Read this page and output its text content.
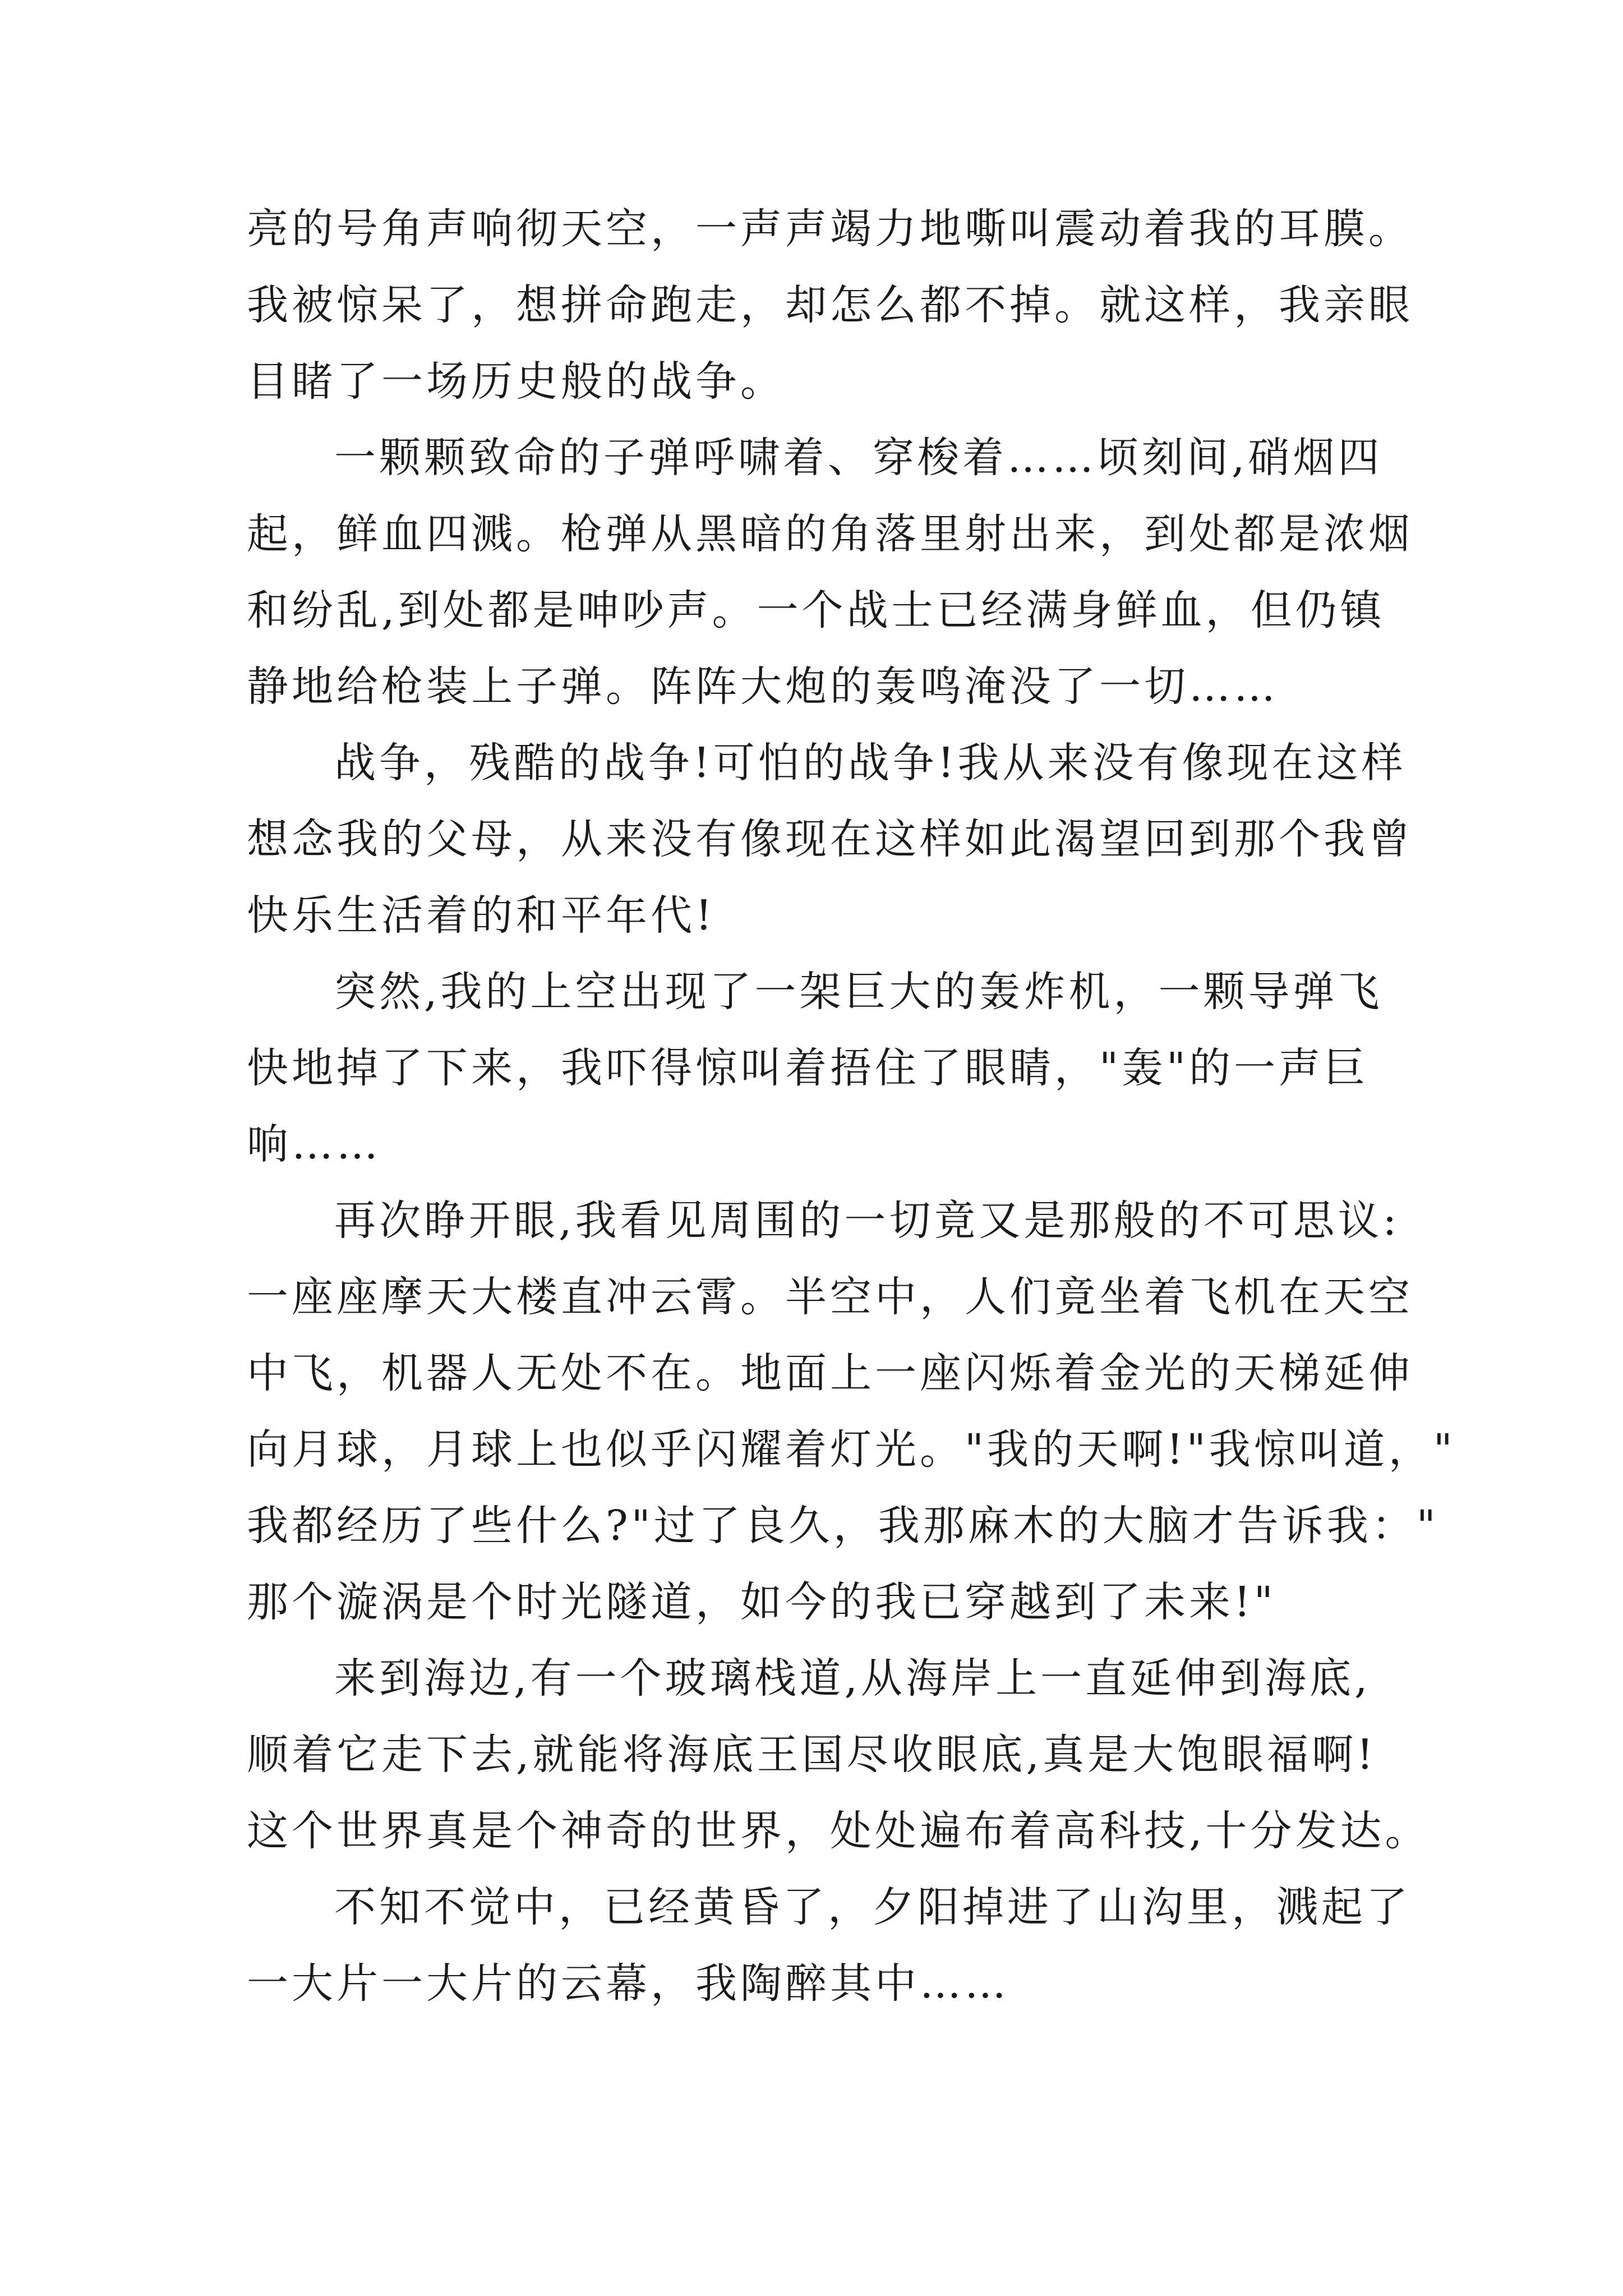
亮的号角声响彻天空，一声声竭力地嘶叫震动着我的耳膜。
我被惊呆了，想拼命跑走，却怎么都不掉。就这样，我亲眼
目睹了一场历史般的战争。

一颗颗致命的子弹呼啸着、穿梭着……顷刻间,硝烟四
起，鲜血四溅。枪弹从黑暗的角落里射出来，到处都是浓烟
和纷乱,到处都是呻吵声。一个战士已经满身鲜血，但仍镇
静地给枪装上子弹。阵阵大炮的轰鸣淹没了一切……

战争，残酷的战争!可怕的战争!我从来没有像现在这样
想念我的父母，从来没有像现在这样如此渴望回到那个我曾
快乐生活着的和平年代!

突然,我的上空出现了一架巨大的轰炸机，一颗导弹飞
快地掉了下来，我吓得惊叫着捂住了眼睛，"轰"的一声巨
响……

再次睁开眼,我看见周围的一切竟又是那般的不可思议:
一座座摩天大楼直冲云霄。半空中，人们竟坐着飞机在天空
中飞，机器人无处不在。地面上一座闪烁着金光的天梯延伸
向月球，月球上也似乎闪耀着灯光。"我的天啊!"我惊叫道，"
我都经历了些什么?"过了良久，我那麻木的大脑才告诉我："
那个漩涡是个时光隧道，如今的我已穿越到了未来!"

来到海边,有一个玻璃栈道,从海岸上一直延伸到海底,
顺着它走下去,就能将海底王国尽收眼底,真是大饱眼福啊!
这个世界真是个神奇的世界，处处遍布着高科技,十分发达。

不知不觉中，已经黄昏了，夕阳掉进了山沟里，溅起了
一大片一大片的云幕，我陶醉其中……
